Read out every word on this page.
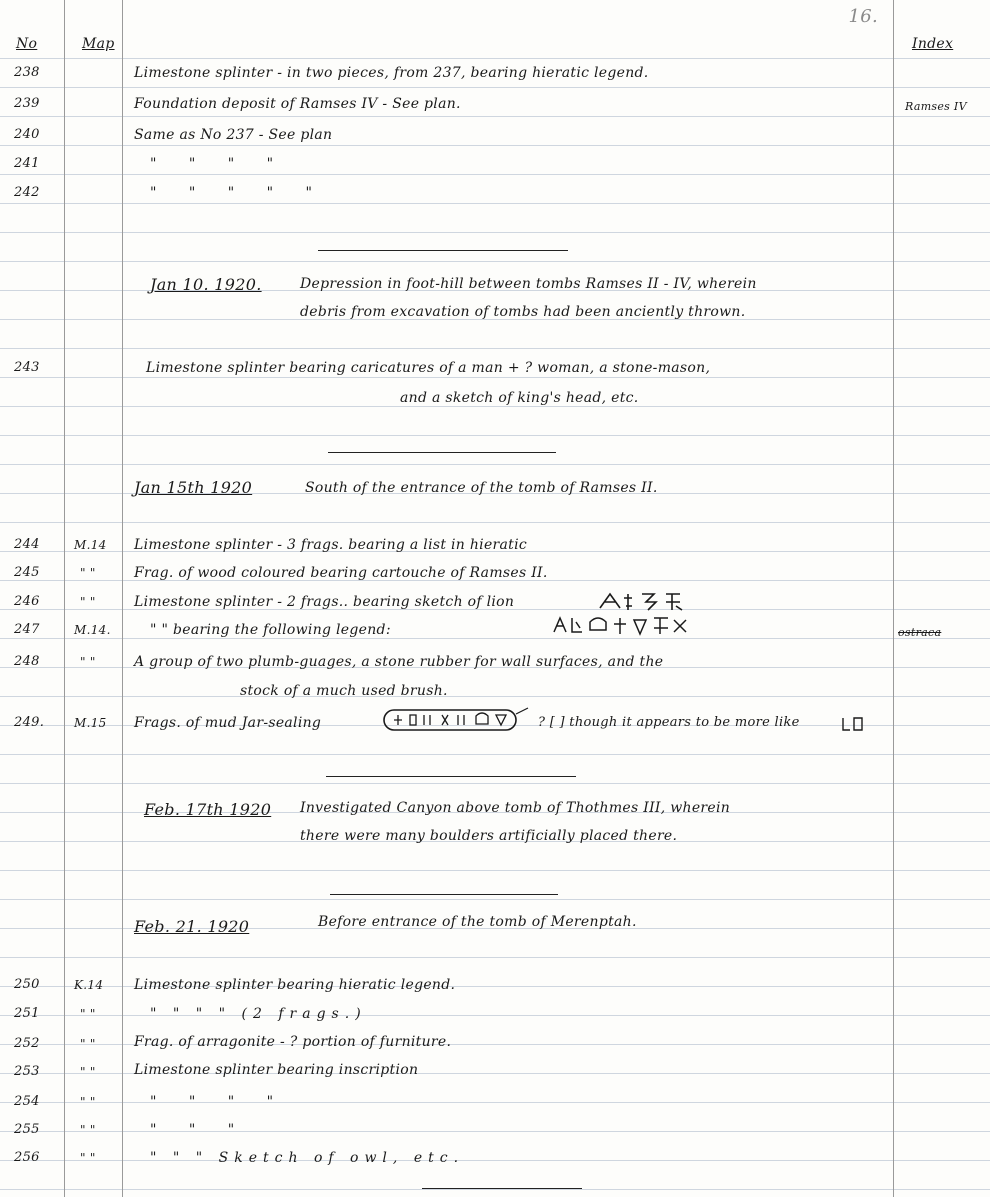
16.
No	Map	Index
238	Limestone splinter - in two pieces, from 237, bearing hieratic legend.
239	Foundation deposit of Ramses IV - See plan.	Ramses IV
240	Same as No 237 - See plan
241	" " " "
242	" " " " "
Jan 10. 1920.	Depression in foot-hill between tombs Ramses II - IV, wherein
debris from excavation of tombs had been anciently thrown.
243	Limestone splinter bearing caricatures of a man + ? woman, a stone-mason,
and a sketch of king's head, etc.
Jan 15th 1920	South of the entrance of the tomb of Ramses II.
244	M.14	Limestone splinter - 3 frags. bearing a list in hieratic
245	" "	Frag. of wood coloured bearing cartouche of Ramses II.
246	" "	Limestone splinter - 2 frags.. bearing sketch of lion
247	M.14.	" " bearing the following legend:	ostraca
248	" "	A group of two plumb-guages, a stone rubber for wall surfaces, and the
stock of a much used brush.
249.	M.15	Frags. of mud Jar-sealing	? [ ] though it appears to be more like
Feb. 17th 1920 Investigated Canyon above tomb of Thothmes III, wherein
there were many boulders artificially placed there.
Feb. 21. 1920	Before entrance of the tomb of Merenptah.
250	K.14	Limestone splinter bearing hieratic legend.
251	" "	" " " " (2 frags.)
252	" "	Frag. of arragonite - ? portion of furniture.
253	" "	Limestone splinter bearing inscription
254	" "	" " " "
255	" "	" " "
256	" "	" " " Sketch of owl, etc.
